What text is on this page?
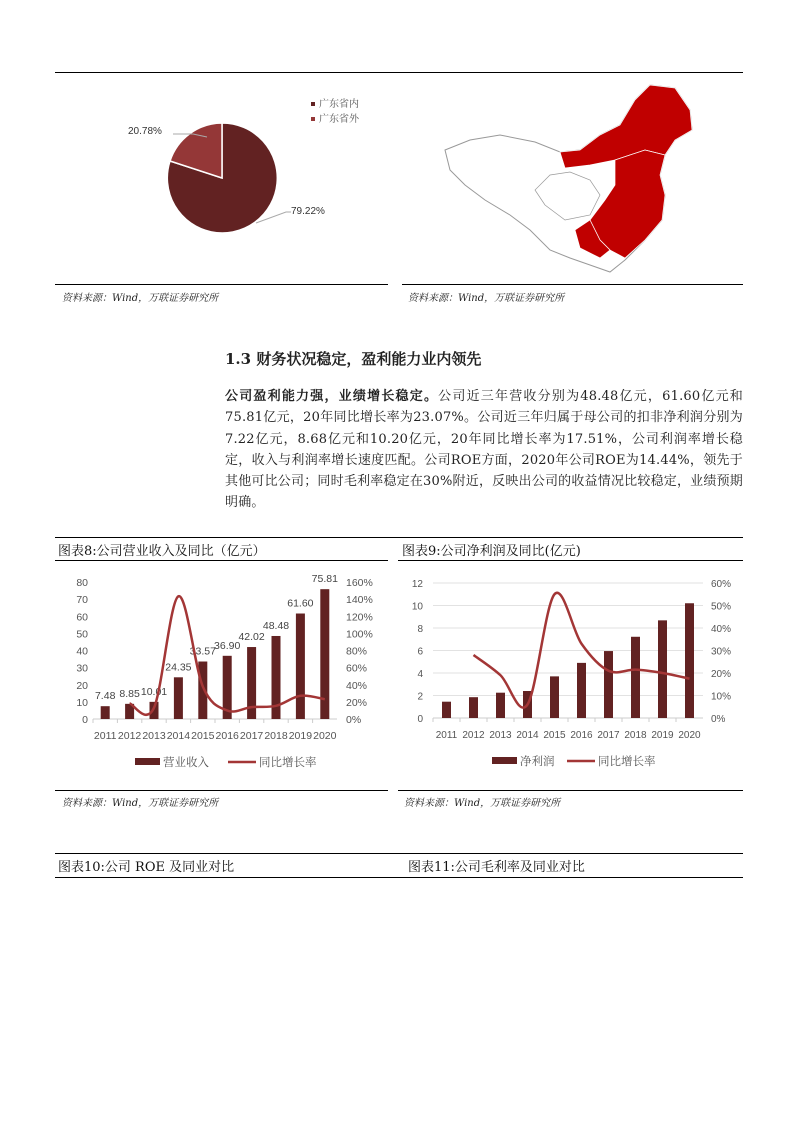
20.78%
79.22%
广东省内
广东省外
资料来源：Wind，万联证券研究所	资料来源：Wind，万联证券研究所
1.3 财务状况稳定，盈利能力业内领先
公司盈利能力强，业绩增长稳定。公司近三年营收分别为48.48亿元，61.60亿元和75.81亿元，20年同比增长率为23.07%。公司近三年归属于母公司的扣非净利润分别为7.22亿元，8.68亿元和10.20亿元，20年同比增长率为17.51%，公司利润率增长稳定，收入与利润率增长速度匹配。公司ROE方面，2020年公司ROE为14.44%，领先于其他可比公司；同时毛利率稳定在30%附近，反映出公司的收益情况比较稳定，业绩预期明确。
图表8:公司营业收入及同比（亿元）	图表9:公司净利润及同比(亿元)
0
10
20
30
40
50
60
70
80
0%
20%
40%
60%
80%
100%
120%
140%
160%
2011
7.48
2012
8.85
2013
10.01
2014
24.35
2015
33.57
2016
36.90
2017
42.02
2018
48.48
2019
61.60
2020
75.81
营业收入	同比增长率
0
2
4
6
8
10
12
0%
10%
20%
30%
40%
50%
60%
2011 2012 2013 2014 2015 2016 2017 2018 2019 2020
净利润	同比增长率
资料来源：Wind，万联证券研究所	资料来源：Wind，万联证券研究所
图表10:公司 ROE 及同业对比	图表11:公司毛利率及同业对比
